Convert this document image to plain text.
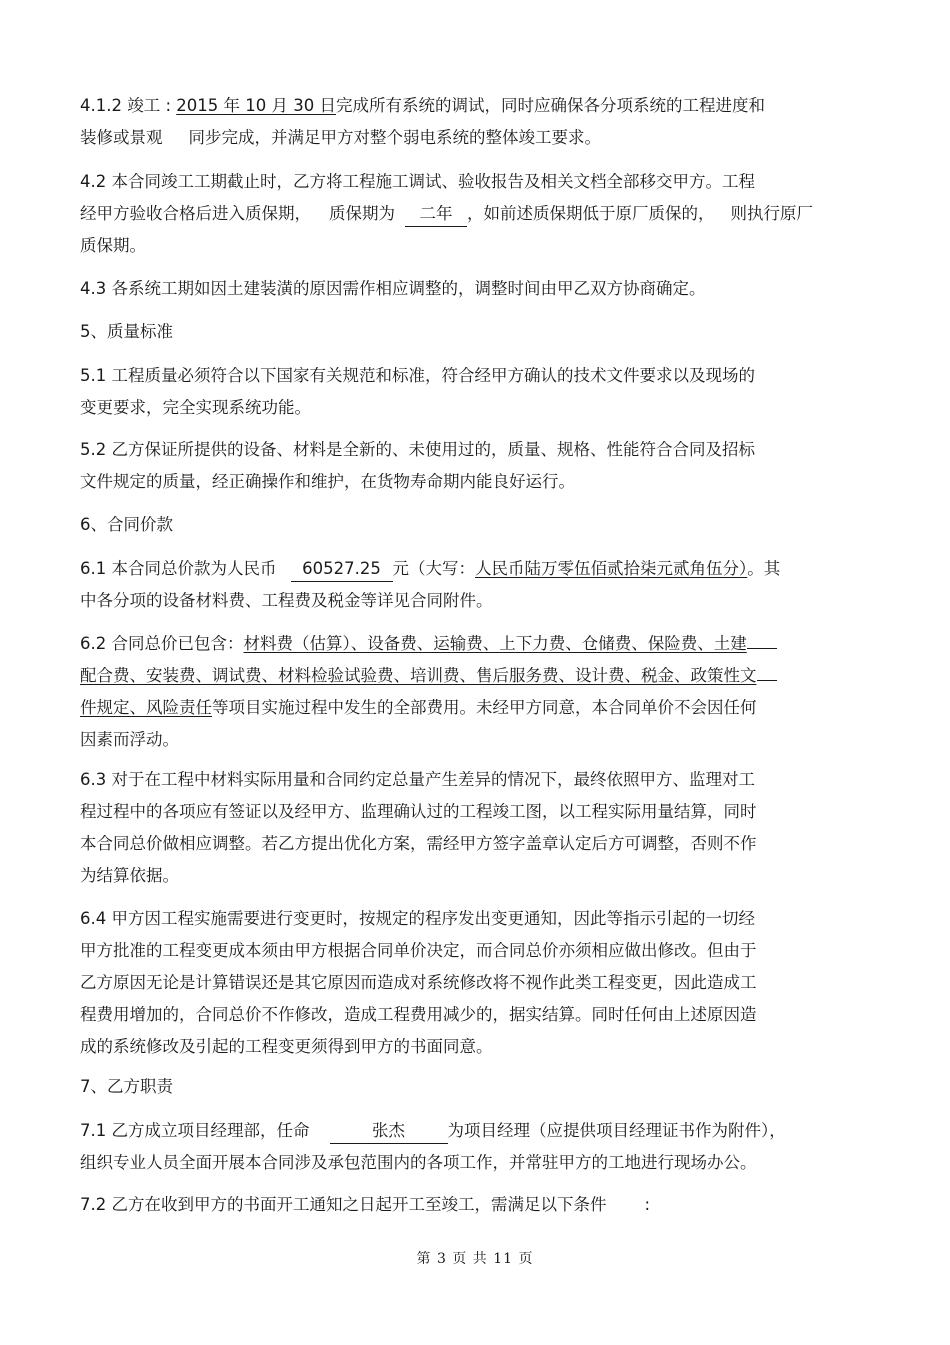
4.1.2 竣工 : 2015 年 10 月 30 日完成所有系统的调试，同时应确保各分项系统的工程进度和
装修或景观 同步完成，并满足甲方对整个弱电系统的整体竣工要求。
4.2 本合同竣工工期截止时，乙方将工程施工调试、验收报告及相关文档全部移交甲方。工程
经甲方验收合格后进入质保期， 质保期为 二年 ，如前述质保期低于原厂质保的， 则执行原厂
质保期。
4.3 各系统工期如因土建装潢的原因需作相应调整的，调整时间由甲乙双方协商确定。
5、质量标准
5.1 工程质量必须符合以下国家有关规范和标准，符合经甲方确认的技术文件要求以及现场的
变更要求，完全实现系统功能。
5.2 乙方保证所提供的设备、材料是全新的、未使用过的，质量、规格、性能符合合同及招标
文件规定的质量，经正确操作和维护，在货物寿命期内能良好运行。
6、合同价款
6.1 本合同总价款为人民币 60527.25 元（大写：人民币陆万零伍佰贰拾柒元贰角伍分）。其
中各分项的设备材料费、工程费及税金等详见合同附件。
6.2 合同总价已包含：材料费（估算）、设备费、运输费、上下力费、仓储费、保险费、土建
配合费、安装费、调试费、材料检验试验费、培训费、售后服务费、设计费、税金、政策性文
件规定、风险责任等项目实施过程中发生的全部费用。未经甲方同意，本合同单价不会因任何
因素而浮动。
6.3 对于在工程中材料实际用量和合同约定总量产生差异的情况下，最终依照甲方、监理对工
程过程中的各项应有签证以及经甲方、监理确认过的工程竣工图，以工程实际用量结算，同时
本合同总价做相应调整。若乙方提出优化方案，需经甲方签字盖章认定后方可调整，否则不作
为结算依据。
6.4 甲方因工程实施需要进行变更时，按规定的程序发出变更通知，因此等指示引起的一切经
甲方批准的工程变更成本须由甲方根据合同单价决定，而合同总价亦须相应做出修改。但由于
乙方原因无论是计算错误还是其它原因而造成对系统修改将不视作此类工程变更，因此造成工
程费用增加的，合同总价不作修改，造成工程费用减少的，据实结算。同时任何由上述原因造
成的系统修改及引起的工程变更须得到甲方的书面同意。
7、乙方职责
7.1 乙方成立项目经理部，任命	张杰	为项目经理（应提供项目经理证书作为附件），
组织专业人员全面开展本合同涉及承包范围内的各项工作，并常驻甲方的工地进行现场办公。
7.2 乙方在收到甲方的书面开工通知之日起开工至竣工，需满足以下条件 :
第 3 页 共 11 页
